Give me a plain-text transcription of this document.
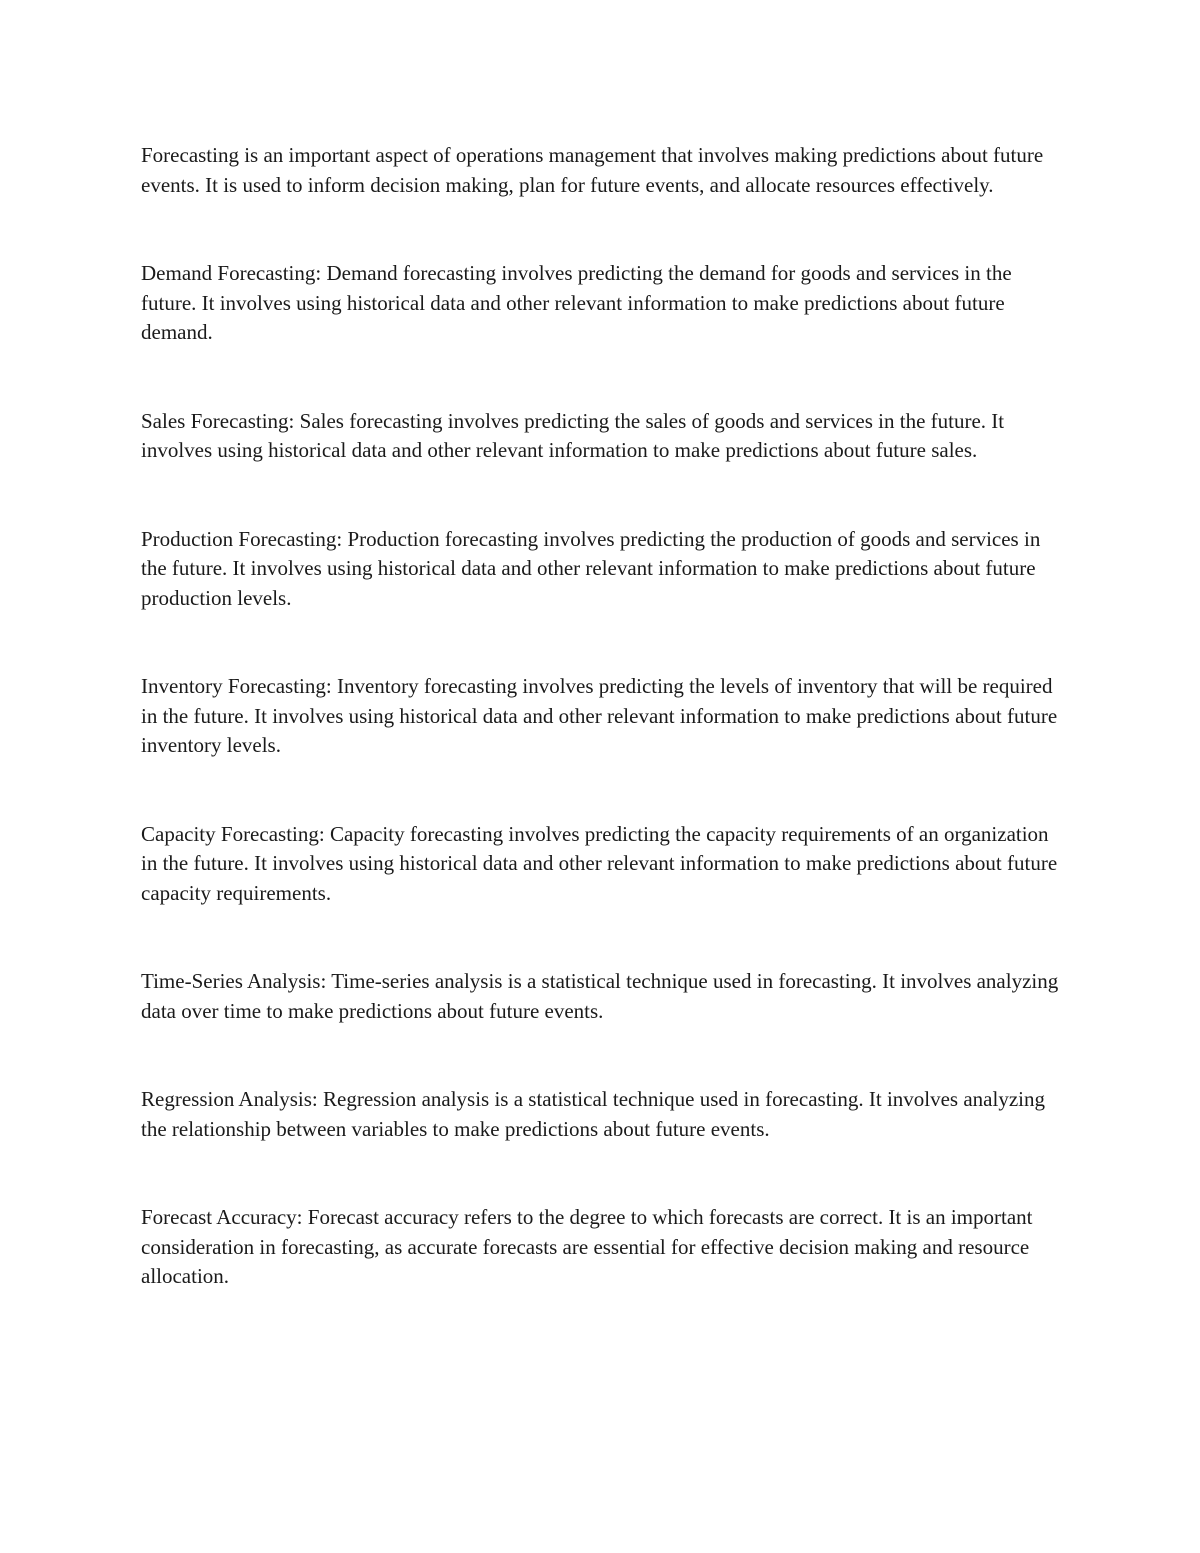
Forecasting is an important aspect of operations management that involves making predictions about future events. It is used to inform decision making, plan for future events, and allocate resources effectively.

Demand Forecasting: Demand forecasting involves predicting the demand for goods and services in the future. It involves using historical data and other relevant information to make predictions about future demand.

Sales Forecasting: Sales forecasting involves predicting the sales of goods and services in the future. It involves using historical data and other relevant information to make predictions about future sales.

Production Forecasting: Production forecasting involves predicting the production of goods and services in the future. It involves using historical data and other relevant information to make predictions about future production levels.

Inventory Forecasting: Inventory forecasting involves predicting the levels of inventory that will be required in the future. It involves using historical data and other relevant information to make predictions about future inventory levels.

Capacity Forecasting: Capacity forecasting involves predicting the capacity requirements of an organization in the future. It involves using historical data and other relevant information to make predictions about future capacity requirements.

Time-Series Analysis: Time-series analysis is a statistical technique used in forecasting. It involves analyzing data over time to make predictions about future events.

Regression Analysis: Regression analysis is a statistical technique used in forecasting. It involves analyzing the relationship between variables to make predictions about future events.

Forecast Accuracy: Forecast accuracy refers to the degree to which forecasts are correct. It is an important consideration in forecasting, as accurate forecasts are essential for effective decision making and resource allocation.
